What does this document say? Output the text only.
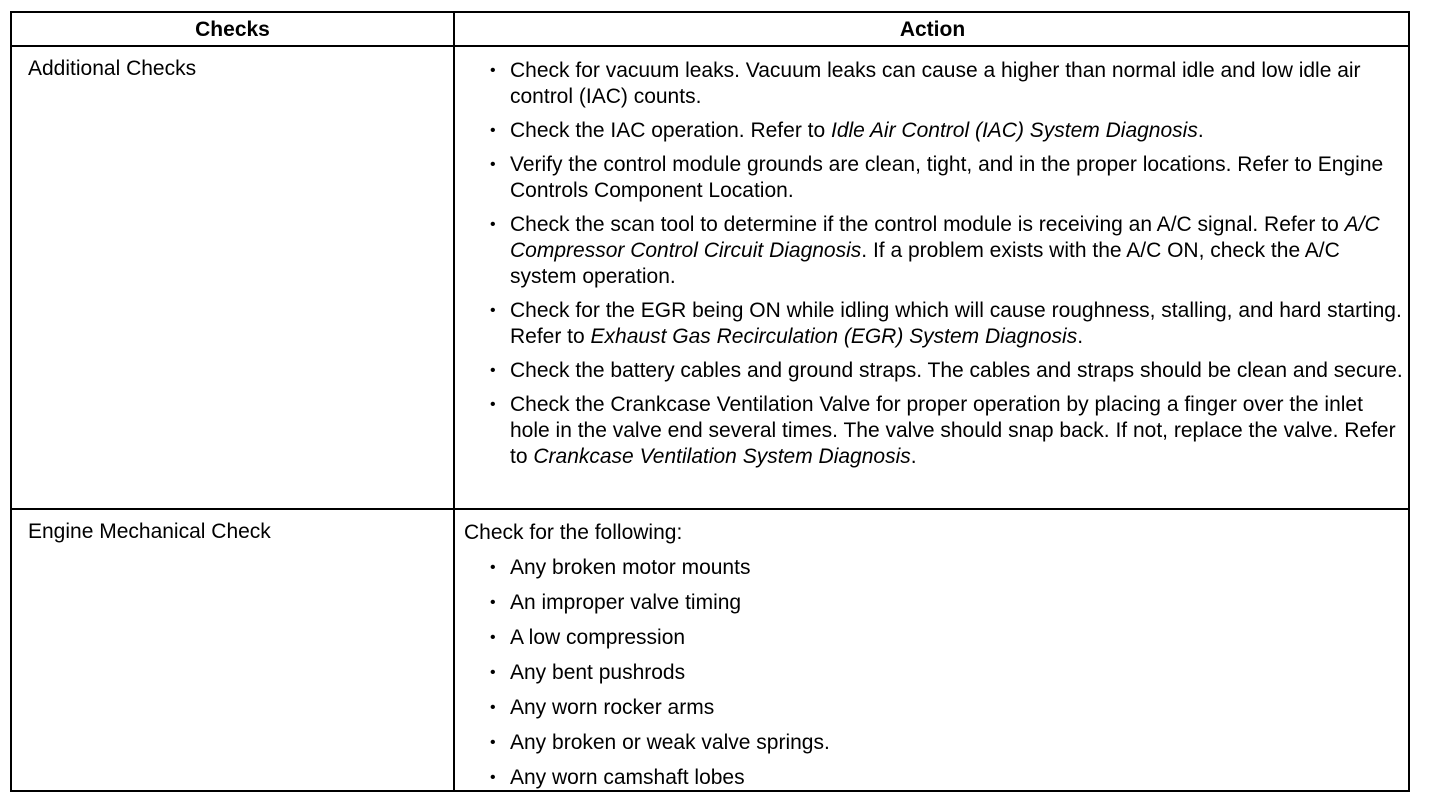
Checks	Action
Additional Checks	• Check for vacuum leaks. Vacuum leaks can cause a higher than normal idle and low idle air control (IAC) counts.
• Check the IAC operation. Refer to Idle Air Control (IAC) System Diagnosis.
• Verify the control module grounds are clean, tight, and in the proper locations. Refer to Engine Controls Component Location.
• Check the scan tool to determine if the control module is receiving an A/C signal. Refer to A/C Compressor Control Circuit Diagnosis. If a problem exists with the A/C ON, check the A/C system operation.
• Check for the EGR being ON while idling which will cause roughness, stalling, and hard starting. Refer to Exhaust Gas Recirculation (EGR) System Diagnosis.
• Check the battery cables and ground straps. The cables and straps should be clean and secure.
• Check the Crankcase Ventilation Valve for proper operation by placing a finger over the inlet hole in the valve end several times. The valve should snap back. If not, replace the valve. Refer to Crankcase Ventilation System Diagnosis.
Engine Mechanical Check	Check for the following:
• Any broken motor mounts
• An improper valve timing
• A low compression
• Any bent pushrods
• Any worn rocker arms
• Any broken or weak valve springs.
• Any worn camshaft lobes
